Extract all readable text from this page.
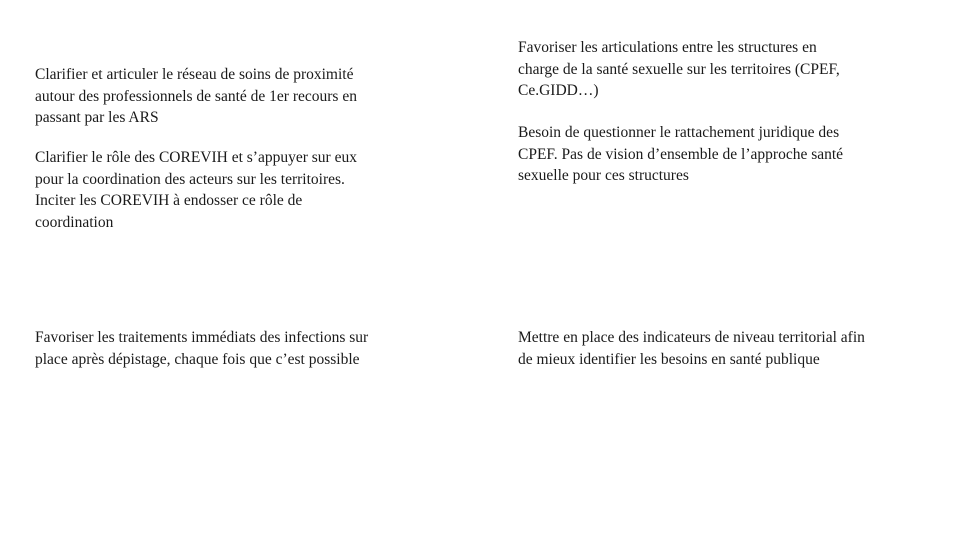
Clarifier et articuler le réseau de soins de proximité
autour des professionnels de santé de 1er recours en
passant par les ARS
Clarifier le rôle des COREVIH et s’appuyer sur eux
pour la coordination des acteurs sur les territoires.
Inciter les COREVIH à endosser ce rôle de
coordination
Favoriser les articulations entre les structures en
charge de la santé sexuelle sur les territoires (CPEF,
Ce.GIDD…)
Besoin de questionner le rattachement juridique des
CPEF. Pas de vision d’ensemble de l’approche santé
sexuelle pour ces structures
Favoriser les traitements immédiats des infections sur
place après dépistage, chaque fois que c’est possible
Mettre en place des indicateurs de niveau territorial afin
de mieux identifier les besoins en santé publique
